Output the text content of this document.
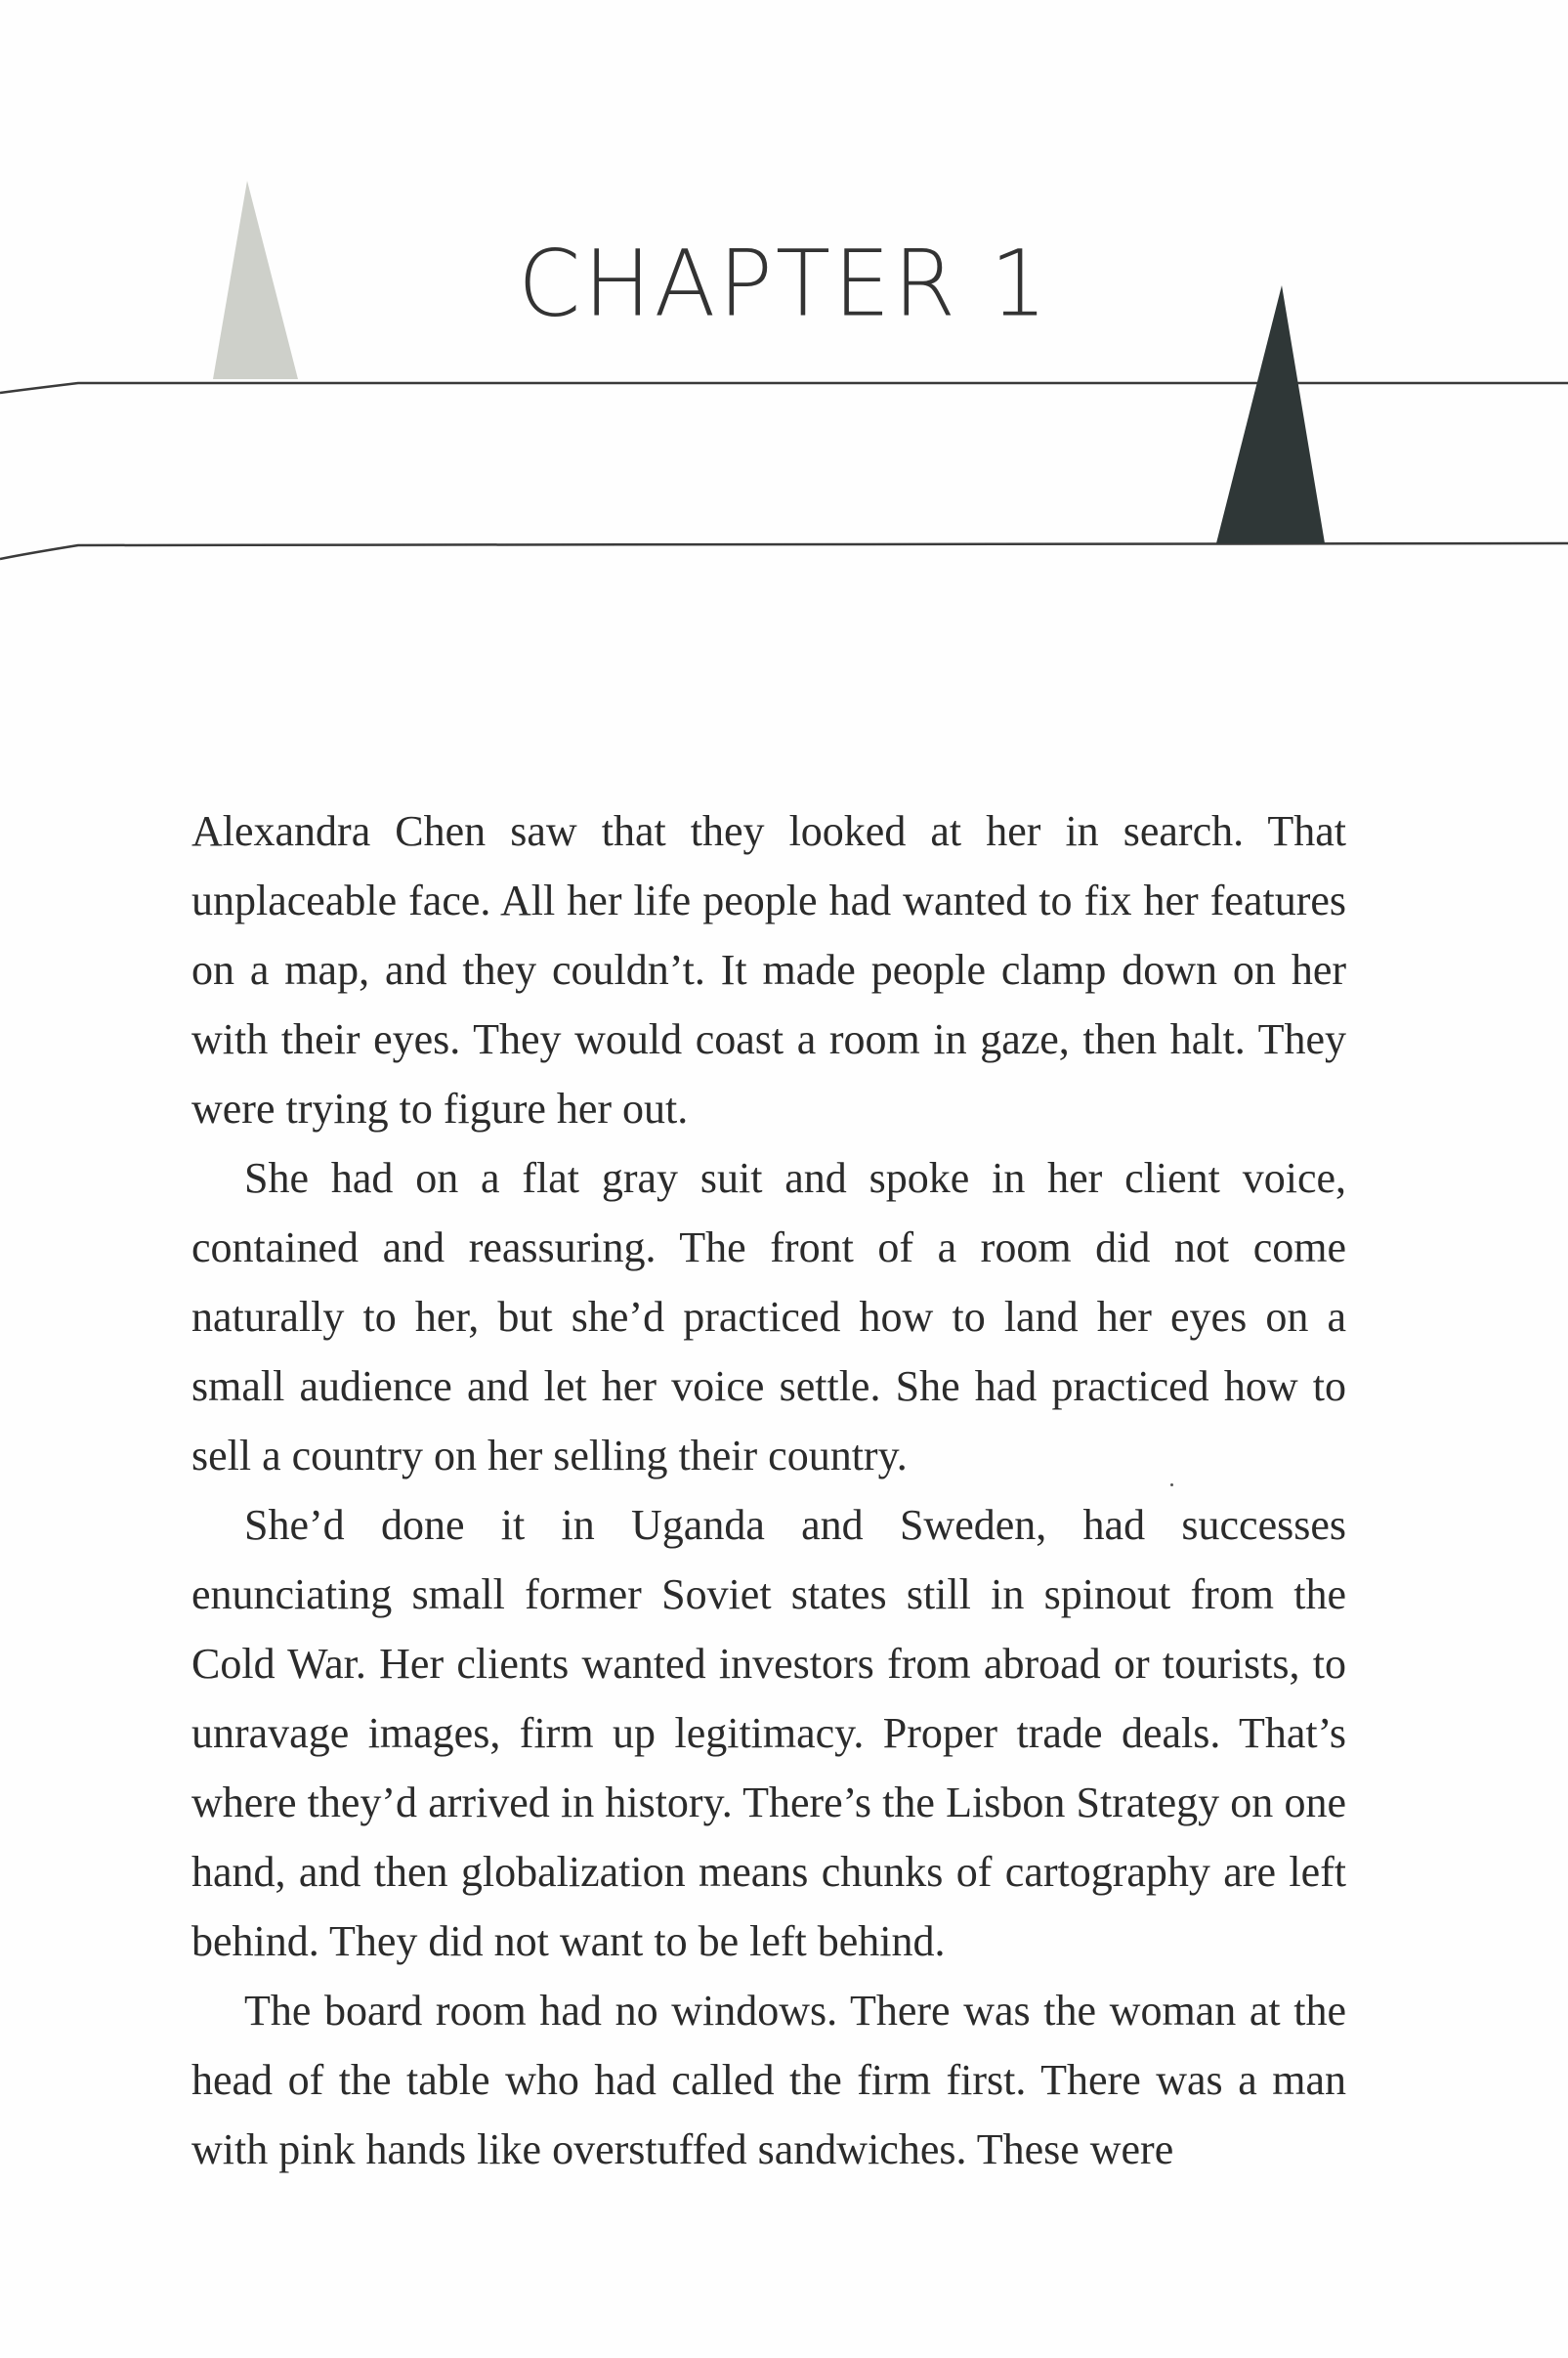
CHAPTER 1

Alexandra Chen saw that they looked at her in search. That unplaceable face. All her life people had wanted to fix her features on a map, and they couldn’t. It made people clamp down on her with their eyes. They would coast a room in gaze, then halt. They were trying to figure her out.

She had on a flat gray suit and spoke in her client voice, contained and reassuring. The front of a room did not come naturally to her, but she’d practiced how to land her eyes on a small audience and let her voice settle. She had practiced how to sell a country on her selling their country.

She’d done it in Uganda and Sweden, had successes enunciating small former Soviet states still in spinout from the Cold War. Her clients wanted investors from abroad or tourists, to unravage images, firm up legitimacy. Proper trade deals. That’s where they’d arrived in history. There’s the Lisbon Strategy on one hand, and then globalization means chunks of cartography are left behind. They did not want to be left behind.

The board room had no windows. There was the woman at the head of the table who had called the firm first. There was a man with pink hands like overstuffed sandwiches. These were
